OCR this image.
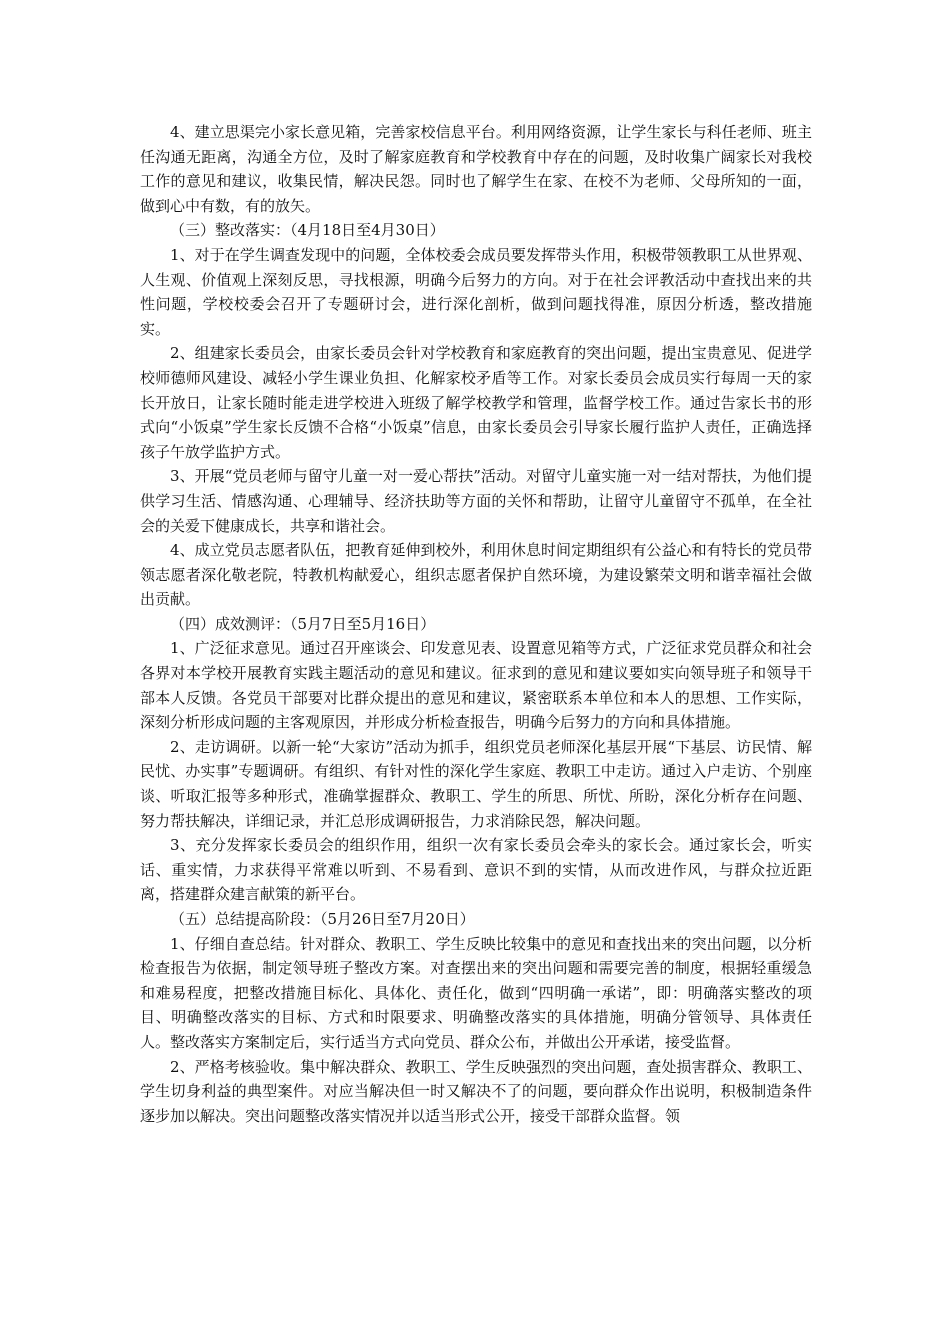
4、建立思渠完小家长意见箱，完善家校信息平台。利用网络资源，让学生家长与科任老师、班主任沟通无距离，沟通全方位，及时了解家庭教育和学校教育中存在的问题，及时收集广阔家长对我校工作的意见和建议，收集民情，解决民怨。同时也了解学生在家、在校不为老师、父母所知的一面，做到心中有数，有的放矢。

（三）整改落实：（4月18日至4月30日）

1、对于在学生调查发现中的问题，全体校委会成员要发挥带头作用，积极带领教职工从世界观、人生观、价值观上深刻反思，寻找根源，明确今后努力的方向。对于在社会评教活动中查找出来的共性问题，学校校委会召开了专题研讨会，进行深化剖析，做到问题找得准，原因分析透，整改措施实。

2、组建家长委员会，由家长委员会针对学校教育和家庭教育的突出问题，提出宝贵意见、促进学校师德师风建设、减轻小学生课业负担、化解家校矛盾等工作。对家长委员会成员实行每周一天的家长开放日，让家长随时能走进学校进入班级了解学校教学和管理，监督学校工作。通过告家长书的形式向“小饭桌”学生家长反馈不合格“小饭桌”信息，由家长委员会引导家长履行监护人责任，正确选择孩子午放学监护方式。

3、开展“党员老师与留守儿童一对一爱心帮扶”活动。对留守儿童实施一对一结对帮扶，为他们提供学习生活、情感沟通、心理辅导、经济扶助等方面的关怀和帮助，让留守儿童留守不孤单，在全社会的关爱下健康成长，共享和谐社会。

4、成立党员志愿者队伍，把教育延伸到校外，利用休息时间定期组织有公益心和有特长的党员带领志愿者深化敬老院，特教机构献爱心，组织志愿者保护自然环境，为建设繁荣文明和谐幸福社会做出贡献。

（四）成效测评：（5月7日至5月16日）

1、广泛征求意见。通过召开座谈会、印发意见表、设置意见箱等方式，广泛征求党员群众和社会各界对本学校开展教育实践主题活动的意见和建议。征求到的意见和建议要如实向领导班子和领导干部本人反馈。各党员干部要对比群众提出的意见和建议，紧密联系本单位和本人的思想、工作实际，深刻分析形成问题的主客观原因，并形成分析检查报告，明确今后努力的方向和具体措施。

2、走访调研。以新一轮“大家访”活动为抓手，组织党员老师深化基层开展“下基层、访民情、解民忧、办实事”专题调研。有组织、有针对性的深化学生家庭、教职工中走访。通过入户走访、个别座谈、听取汇报等多种形式，准确掌握群众、教职工、学生的所思、所忧、所盼，深化分析存在问题、努力帮扶解决，详细记录，并汇总形成调研报告，力求消除民怨，解决问题。

3、充分发挥家长委员会的组织作用，组织一次有家长委员会牵头的家长会。通过家长会，听实话、重实情，力求获得平常难以听到、不易看到、意识不到的实情，从而改进作风，与群众拉近距离，搭建群众建言献策的新平台。

（五）总结提高阶段：（5月26日至7月20日）

1、仔细自查总结。针对群众、教职工、学生反映比较集中的意见和查找出来的突出问题，以分析检查报告为依据，制定领导班子整改方案。对查摆出来的突出问题和需要完善的制度，根据轻重缓急和难易程度，把整改措施目标化、具体化、责任化，做到“四明确一承诺”，即：明确落实整改的项目、明确整改落实的目标、方式和时限要求、明确整改落实的具体措施，明确分管领导、具体责任人。整改落实方案制定后，实行适当方式向党员、群众公布，并做出公开承诺，接受监督。

2、严格考核验收。集中解决群众、教职工、学生反映强烈的突出问题，查处损害群众、教职工、学生切身利益的典型案件。对应当解决但一时又解决不了的问题，要向群众作出说明，积极制造条件逐步加以解决。突出问题整改落实情况并以适当形式公开，接受干部群众监督。领
